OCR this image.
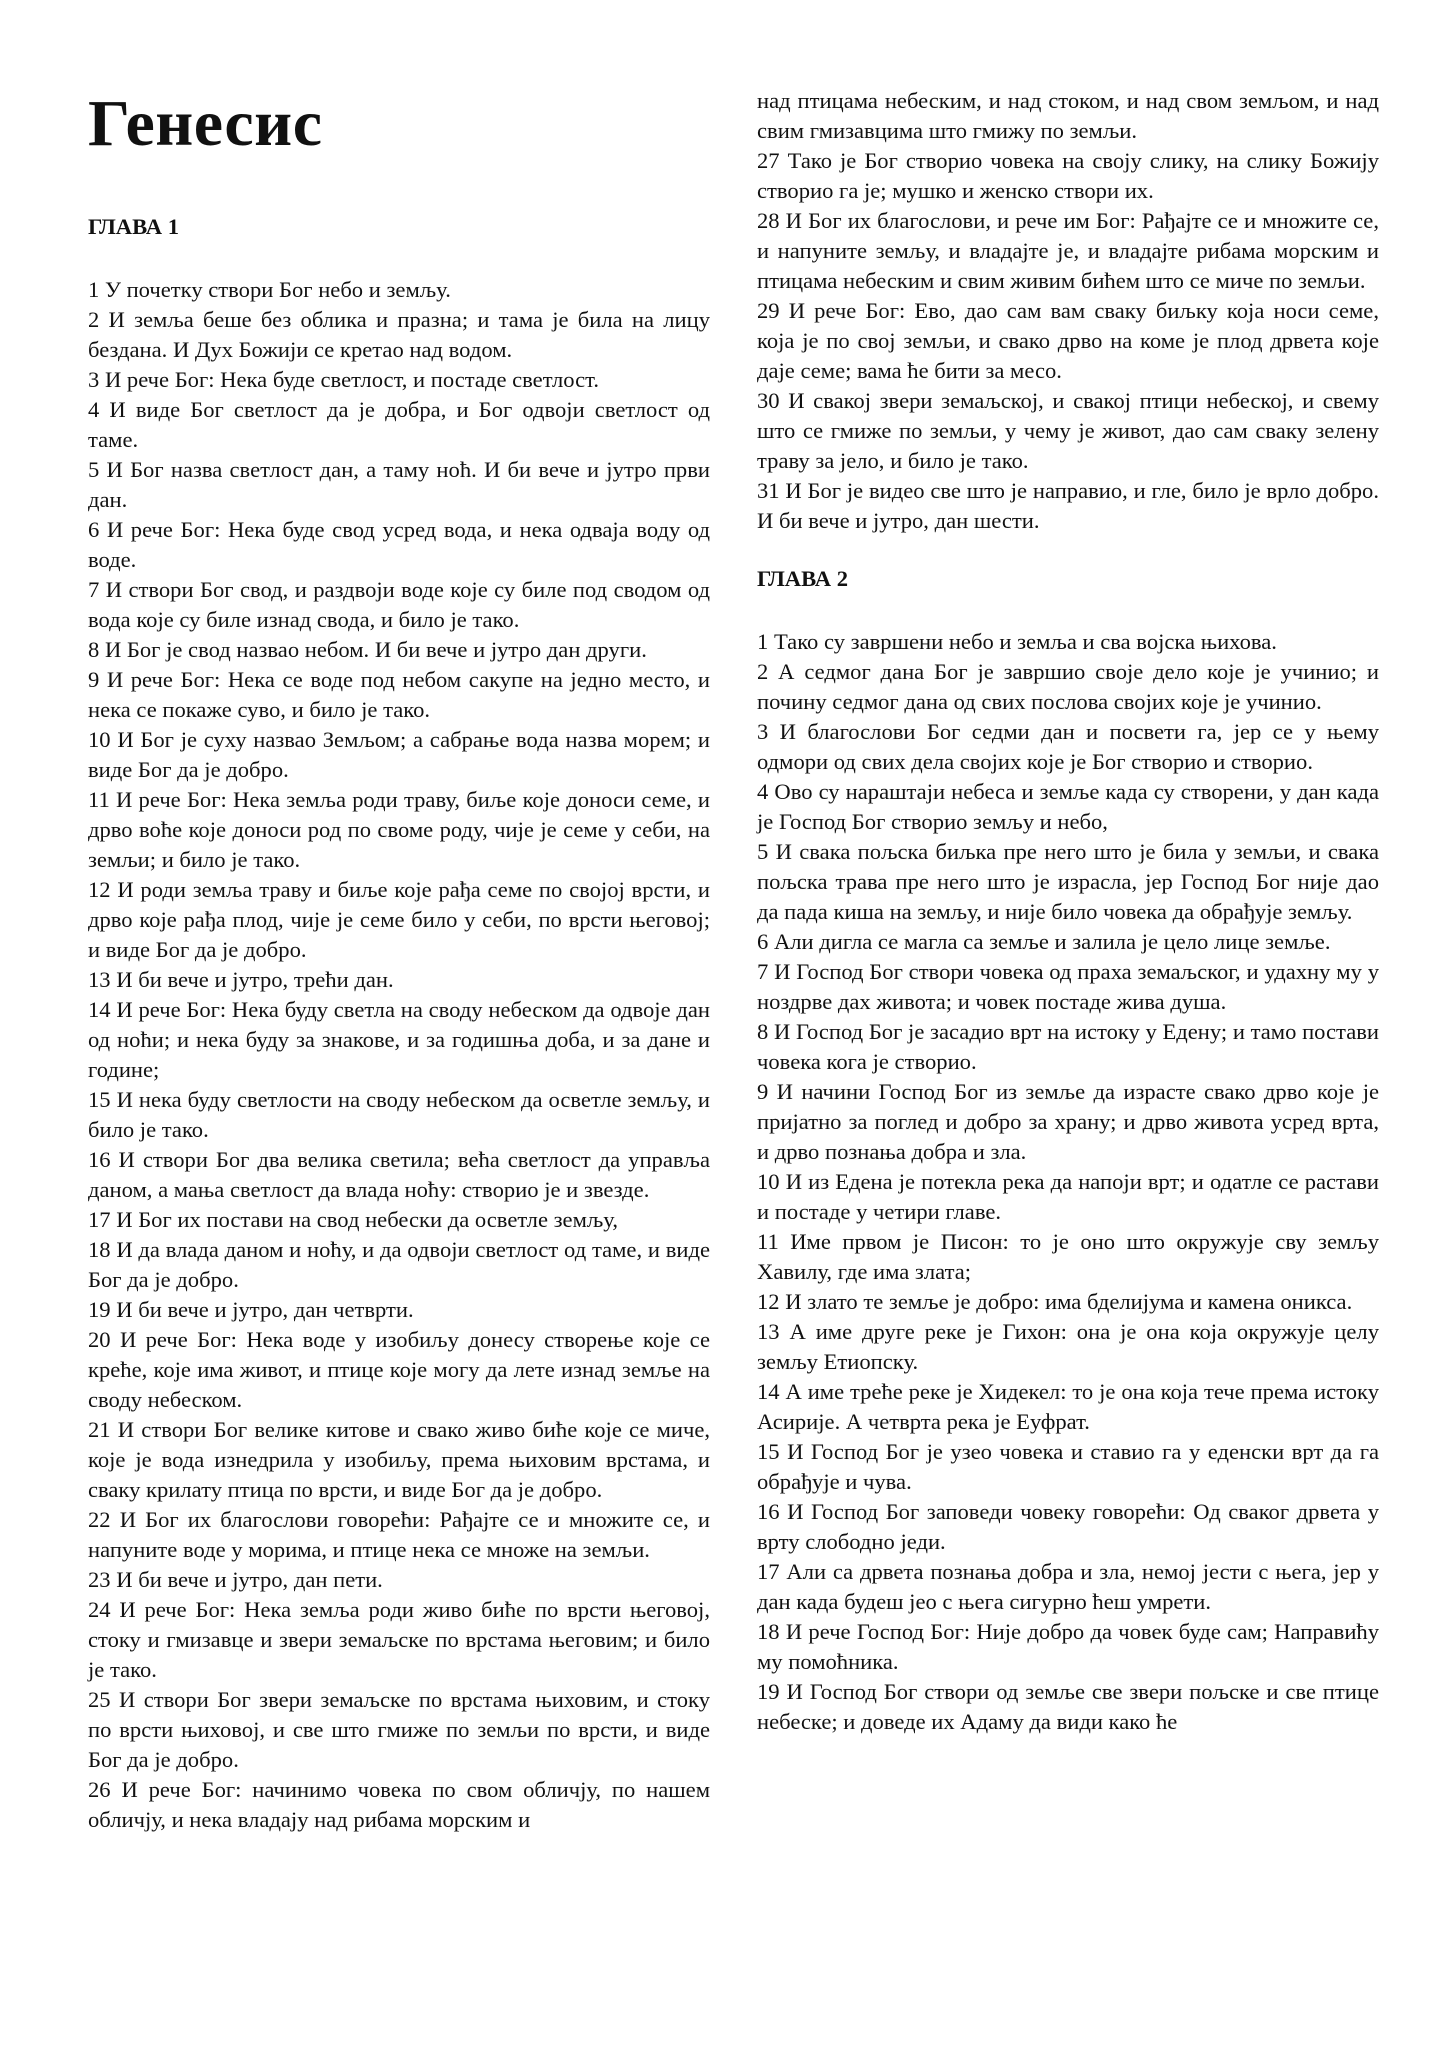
Генесис
ГЛАВА 1

1 У почетку створи Бог небо и земљу.

2 И земља беше без облика и празна; и тама је била на лицу бездана. И Дух Божији се кретао над водом.

3 И рече Бог: Нека буде светлост, и постаде светлост.

4 И виде Бог светлост да је добра, и Бог одвоји светлост од таме.

5 И Бог назва светлост дан, а таму ноћ. И би вече и јутро први дан.

6 И рече Бог: Нека буде свод усред вода, и нека одваја воду од воде.

7 И створи Бог свод, и раздвоји воде које су биле под сводом од вода које су биле изнад свода, и било је тако.

8 И Бог је свод назвао небом. И би вече и јутро дан други.

9 И рече Бог: Нека се воде под небом сакупе на једно место, и нека се покаже суво, и било је тако.

10 И Бог је суху назвао Земљом; а сабрање вода назва морем; и виде Бог да је добро.

11 И рече Бог: Нека земља роди траву, биље које доноси семе, и дрво воће које доноси род по своме роду, чије је семе у себи, на земљи; и било је тако.

12 И роди земља траву и биље које рађа семе по својој врсти, и дрво које рађа плод, чије је семе било у себи, по врсти његовој; и виде Бог да је добро.

13 И би вече и јутро, трећи дан.

14 И рече Бог: Нека буду светла на своду небеском да одвоје дан од ноћи; и нека буду за знакове, и за годишња доба, и за дане и године;

15 И нека буду светлости на своду небеском да осветле земљу, и било је тако.

16 И створи Бог два велика светила; већа светлост да управља даном, а мања светлост да влада ноћу: створио је и звезде.

17 И Бог их постави на свод небески да осветле земљу,

18 И да влада даном и ноћу, и да одвоји светлост од таме, и виде Бог да је добро.

19 И би вече и јутро, дан четврти.

20 И рече Бог: Нека воде у изобиљу донесу створење које се креће, које има живот, и птице које могу да лете изнад земље на своду небеском.

21 И створи Бог велике китове и свако живо биће које се миче, које је вода изнедрила у изобиљу, према њиховим врстама, и сваку крилату птица по врсти, и виде Бог да је добро.

22 И Бог их благослови говорећи: Рађајте се и множите се, и напуните воде у морима, и птице нека се множе на земљи.

23 И би вече и јутро, дан пети.

24 И рече Бог: Нека земља роди живо биће по врсти његовој, стоку и гмизавце и звери земаљске по врстама његовим; и било је тако.

25 И створи Бог звери земаљске по врстама њиховим, и стоку по врсти њиховој, и све што гмиже по земљи по врсти, и виде Бог да је добро.

26 И рече Бог: начинимо човека по свом обличју, по нашем обличју, и нека владају над рибама морским и

над птицама небеским, и над стоком, и над свом земљом, и над свим гмизавцима што гмижу по земљи.

27 Тако је Бог створио човека на своју слику, на слику Божију створио га је; мушко и женско створи их.

28 И Бог их благослови, и рече им Бог: Рађајте се и множите се, и напуните земљу, и владајте је, и владајте рибама морским и птицама небеским и свим живим бићем што се миче по земљи.

29 И рече Бог: Ево, дао сам вам сваку биљку која носи семе, која је по свој земљи, и свако дрво на коме је плод дрвета које даје семе; вама ће бити за месо.

30 И свакој звери земаљској, и свакој птици небеској, и свему што се гмиже по земљи, у чему је живот, дао сам сваку зелену траву за јело, и било је тако.

31 И Бог је видео све што је направио, и гле, било је врло добро. И би вече и јутро, дан шести.

ГЛАВА 2

1 Тако су завршени небо и земља и сва војска њихова.

2 А седмог дана Бог је завршио своје дело које је учинио; и почину седмог дана од свих послова својих које је учинио.

3 И благослови Бог седми дан и посвети га, јер се у њему одмори од свих дела својих које је Бог створио и створио.

4 Ово су нараштаји небеса и земље када су створени, у дан када је Господ Бог створио земљу и небо,

5 И свака пољска биљка пре него што је била у земљи, и свака пољска трава пре него што је израсла, јер Господ Бог није дао да пада киша на земљу, и није било човека да обрађује земљу.

6 Али дигла се магла са земље и залила је цело лице земље.

7 И Господ Бог створи човека од праха земаљског, и удахну му у ноздрве дах живота; и човек постаде жива душа.

8 И Господ Бог је засадио врт на истоку у Едену; и тамо постави човека кога је створио.

9 И начини Господ Бог из земље да израсте свако дрво које је пријатно за поглед и добро за храну; и дрво живота усред врта, и дрво познања добра и зла.

10 И из Едена је потекла река да напоји врт; и одатле се растави и постаде у четири главе.

11 Име првом је Писон: то је оно што окружује сву земљу Хавилу, где има злата;

12 И злато те земље је добро: има бделијума и камена оникса.

13 А име друге реке је Гихон: она је она која окружује целу земљу Етиопску.

14 А име треће реке је Хидекел: то је она која тече према истоку Асирије. А четврта река је Еуфрат.

15 И Господ Бог је узео човека и ставио га у еденски врт да га обрађује и чува.

16 И Господ Бог заповеди човеку говорећи: Од сваког дрвета у врту слободно једи.

17 Али са дрвета познања добра и зла, немој јести с њега, јер у дан када будеш јео с њега сигурно ћеш умрети.

18 И рече Господ Бог: Није добро да човек буде сам; Направићу му помоћника.

19 И Господ Бог створи од земље све звери пољске и све птице небеске; и доведе их Адаму да види како ће
